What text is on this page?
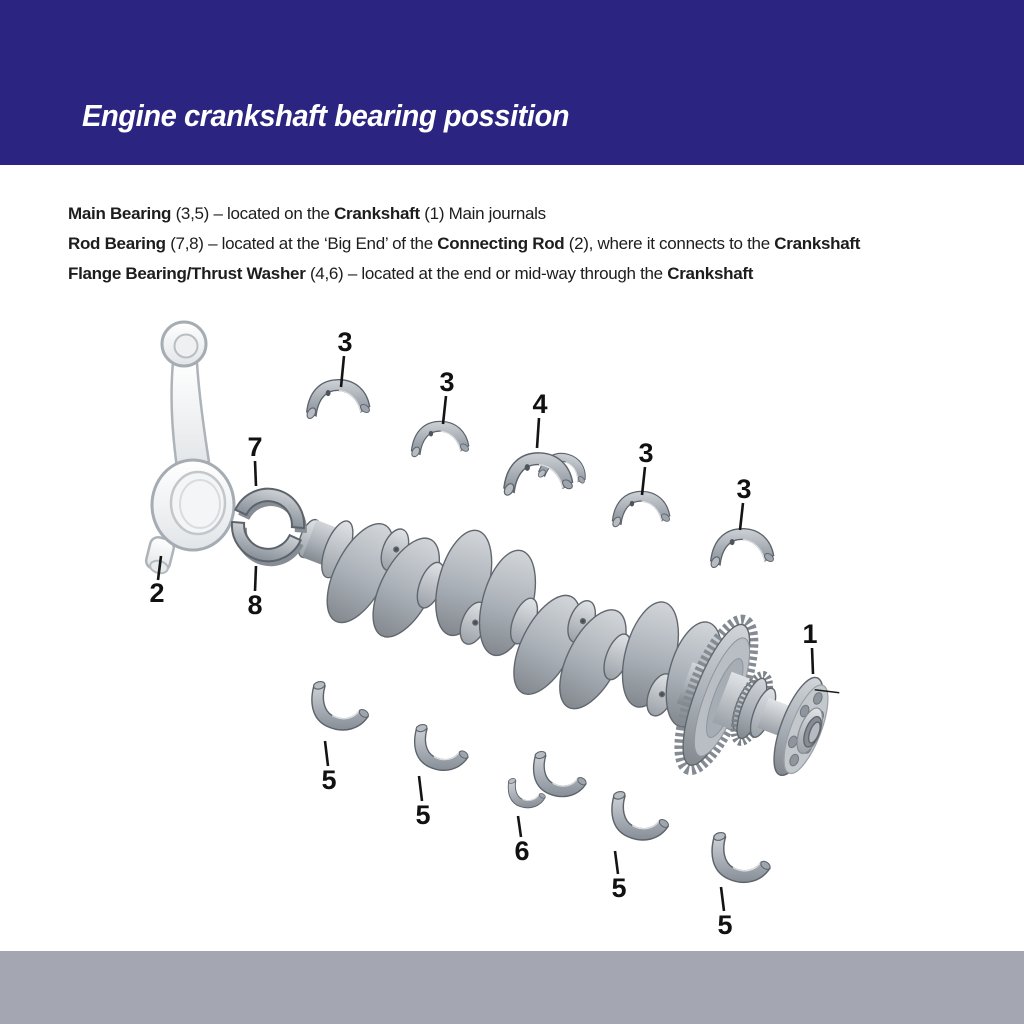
Engine crankshaft bearing possition

Main Bearing (3,5) – located on the Crankshaft (1) Main journals

Rod Bearing (7,8) – located at the ‘Big End’ of the Connecting Rod (2), where it connects to the Crankshaft

Flange Bearing/Thrust Washer (4,6) – located at the end or mid-way through the Crankshaft

1
2
3
3
4
3
3
7
8
5
5
6
5
5
